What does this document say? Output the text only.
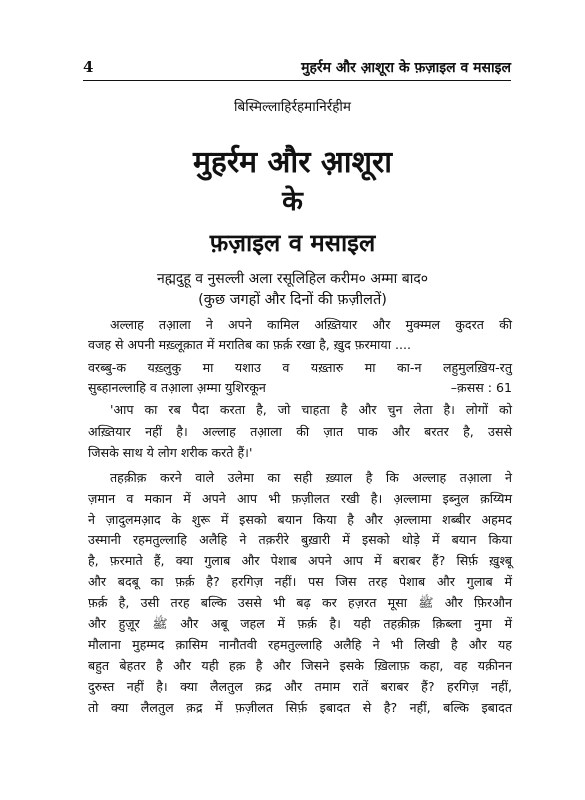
4	मुहर्रम और आ़शूरा के फ़ज़ाइल व मसाइल
बिस्मिल्लाहिर्रहमानिर्रहीम
मुहर्रम और आ़शूरा
के
फ़ज़ाइल व मसाइल
नह्मदुहू व नुसल्ली अला रसूलिहिल करीम० अम्मा बाद०
(कुछ जगहों और दिनों की फ़ज़ीलतें)
अल्लाह तआ़ला ने अपने कामिल अख़्तियार और मुक्म्मल कुदरत की
वजह से अपनी मख़्लूक़ात में मरातिब का फ़र्क़ रखा है, ख़ुद फ़रमाया ....
वरब्बु-क यख़्लुकु मा यशाउ व यख़्तारु मा का-न लहुमुलख़िय-रतु
सुब्हानल्लाहि व तआ़ला अ़म्मा युशिरकून	–क़सस : 61
'आप का रब पैदा करता है, जो चाहता है और चुन लेता है। लोगों को
अख़्तियार नहीं है। अल्लाह तआ़ला की ज़ात पाक और बरतर है, उससे
जिसके साथ ये लोग शरीक करते हैं।'
तहक़ीक़ करने वाले उलेमा का सही ख़्याल है कि अल्लाह तआ़ला ने
ज़मान व मकान में अपने आप भी फ़ज़ीलत रखी है। अ़ल्लामा इब्नुल क़य्यिम
ने ज़ादुलमआ़द के शुरू में इसको बयान किया है और अ़ल्लामा शब्बीर अहमद
उस्मानी रहमतुल्लाहि अलैहि ने तक़रीरे बुख़ारी में इसको थोड़े में बयान किया
है, फ़रमाते हैं, क्या गुलाब और पेशाब अपने आप में बराबर हैं? सिर्फ़ ख़ुश्बू
और बदबू का फ़र्क़ है? हरगिज़ नहीं। पस जिस तरह पेशाब और गुलाब में
फ़र्क़ है, उसी तरह बल्कि उससे भी बढ़ कर हज़रत मूसा ﷺ और फ़िरऔन
और हुज़ूर ﷺ और अबू जहल में फ़र्क़ है। यही तहक़ीक़ क़िब्ला नुमा में
मौलाना मुहम्मद क़ासिम नानौतवी रहमतुल्लाहि अलैहि ने भी लिखी है और यह
बहुत बेहतर है और यही हक़ है और जिसने इसके ख़िलाफ़ कहा, वह यक़ीनन
दुरुस्त नहीं है। क्या लैलतुल क़द्र और तमाम रातें बराबर हैं? हरगिज़ नहीं,
तो क्या लैलतुल क़द्र में फ़ज़ीलत सिर्फ़ इबादत से है? नहीं, बल्कि इबादत
